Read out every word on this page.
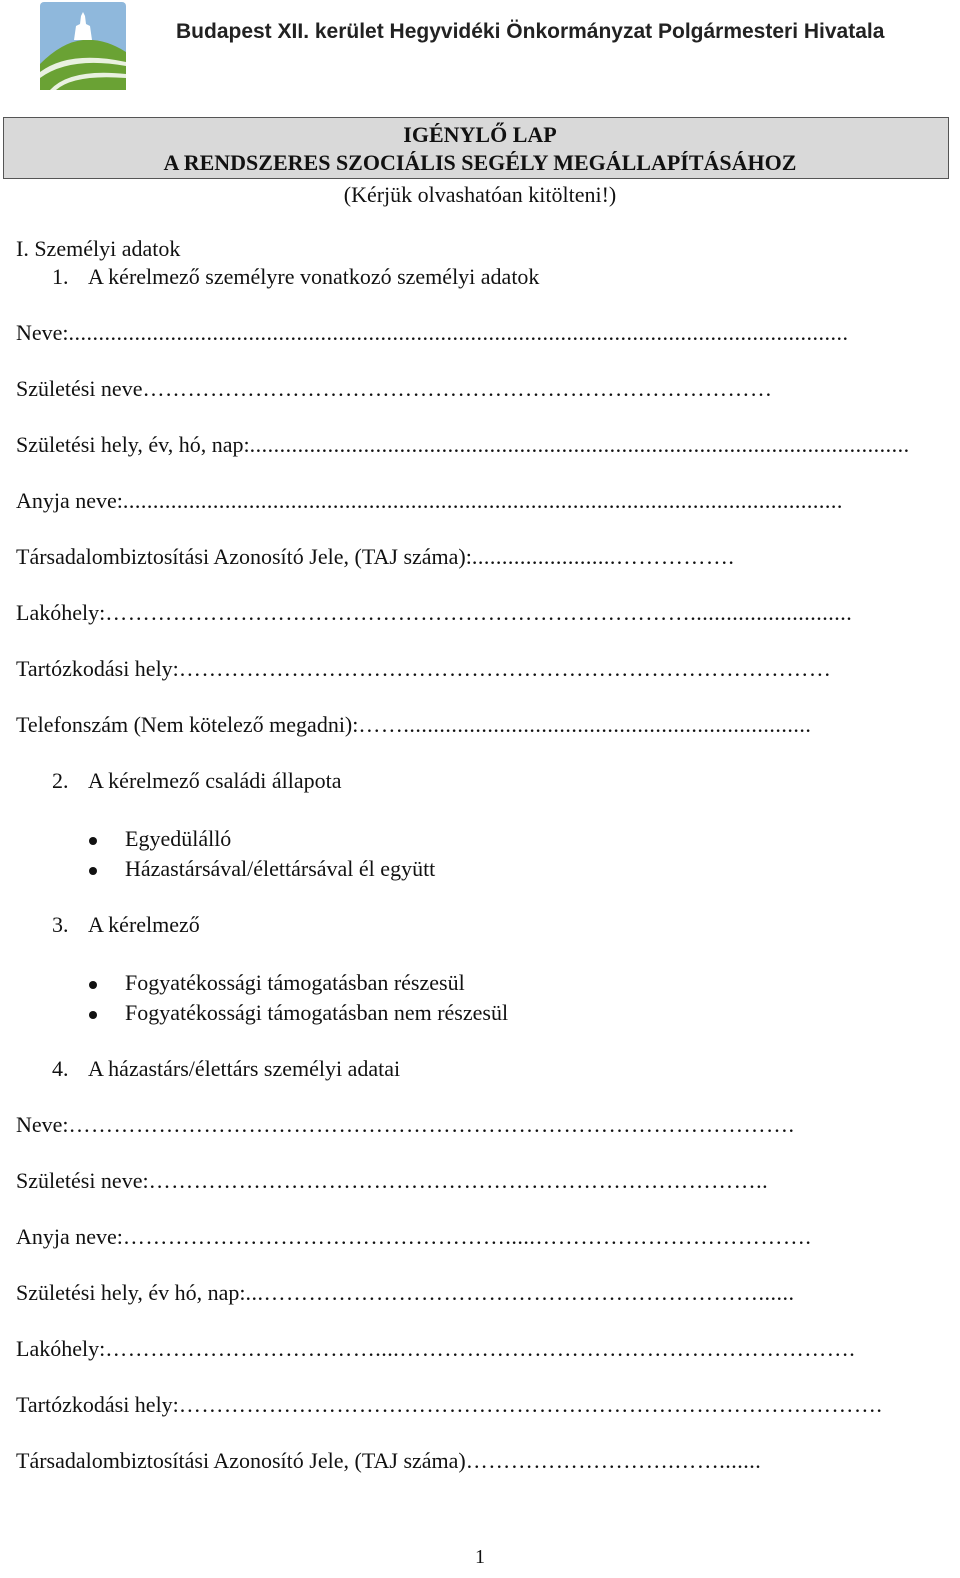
Budapest XII. kerület Hegyvidéki Önkormányzat Polgármesteri Hivatala
IGÉNYLŐ LAP
A RENDSZERES SZOCIÁLIS SEGÉLY MEGÁLLAPÍTÁSÁHOZ
(Kérjük olvashatóan kitölteni!)
I. Személyi adatok
1. A kérelmező személyre vonatkozó személyi adatok
Neve:..................................................................................................................................
Születési neve…………………………………………………………………………
Születési hely, év, hó, nap:..............................................................................................................
Anyja neve:........................................................................................................................
Társadalombiztosítási Azonosító Jele, (TAJ száma):........................…………….
Lakóhely:……………………………………………………………………...........................
Tartózkodási hely:……………………………………………………………………………
Telefonszám (Nem kötelező megadni):……....................................................................
2. A kérelmező családi állapota
Egyedülálló
Házastársával/élettársával él együtt
3. A kérelmező
Fogyatékossági támogatásban részesül
Fogyatékossági támogatásban nem részesül
4. A házastárs/élettárs személyi adatai
Neve:…………………………………………………………………………………….
Születési neve:………………………………………………………………………..
Anyja neve:…………………………………………….....……………………………….
Születési hely, év hó, nap:...…………………………………………………………......
Lakóhely:………………………………....…………………………………………………….
Tartózkodási hely:………………………………………………………………………………….
Társadalombiztosítási Azonosító Jele, (TAJ száma)……………………….…….......
1
